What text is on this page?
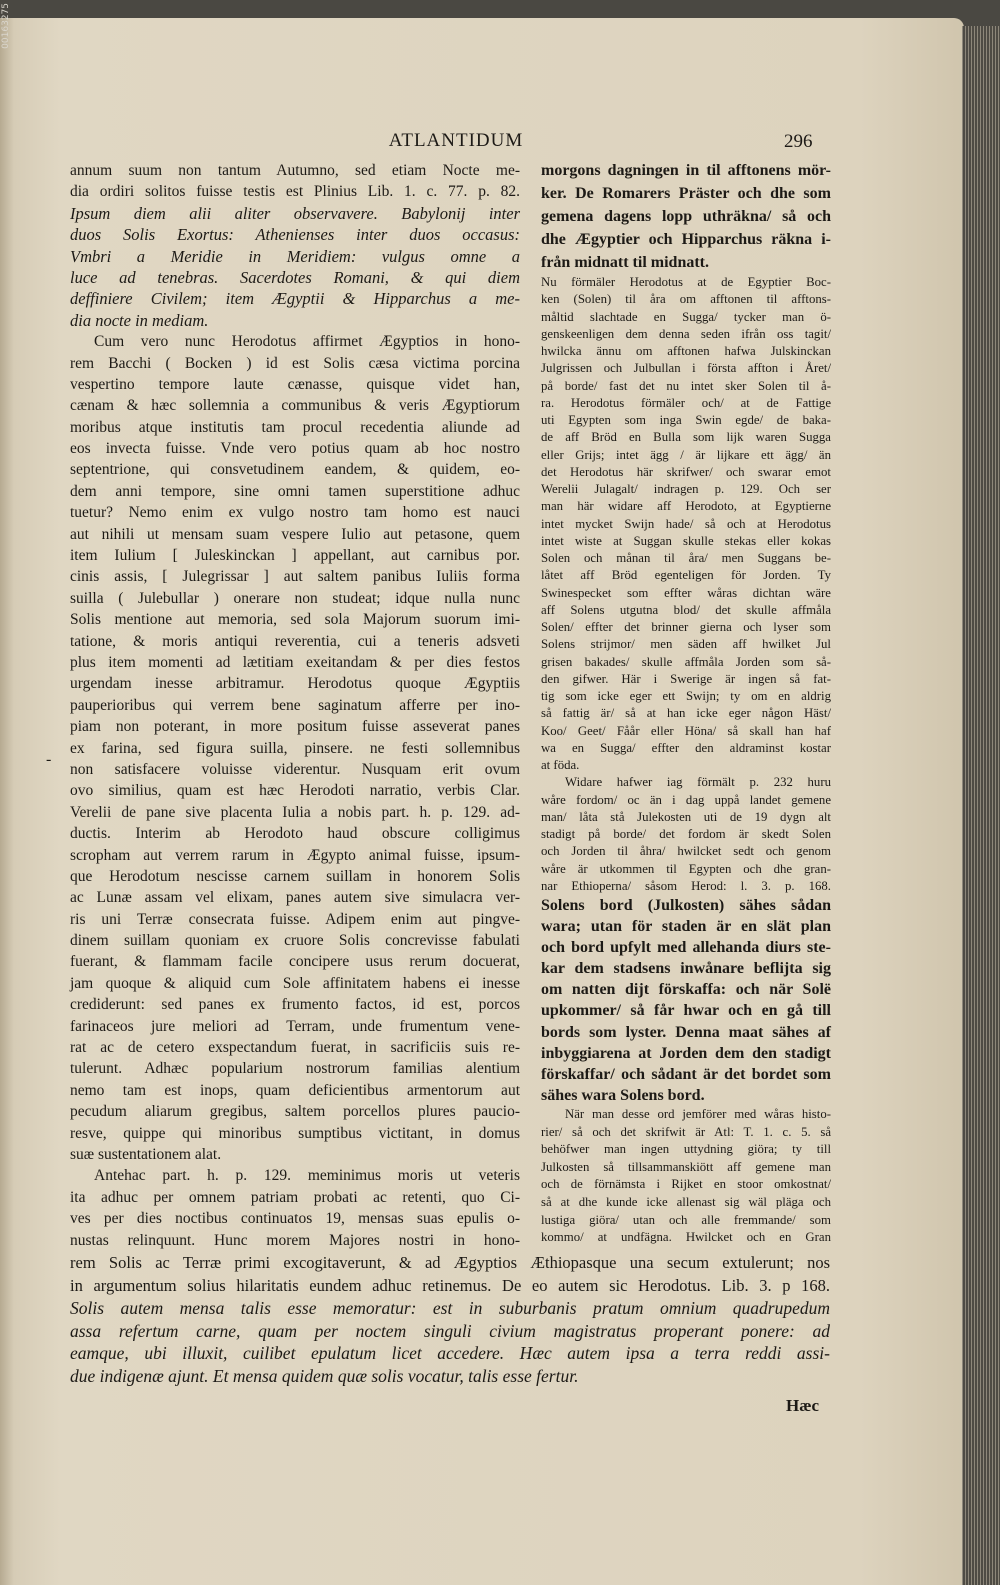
00163275
ATLANTIDUM	296
-
annum suum non tantum Autumno, sed etiam Nocte me-
dia ordiri solitos fuisse testis est Plinius Lib. 1. c. 77. p. 82.
Ipsum diem alii aliter observavere. Babylonij inter
duos Solis Exortus: Athenienses inter duos occasus:
Vmbri a Meridie in Meridiem: vulgus omne a
luce ad tenebras. Sacerdotes Romani, & qui diem
deffiniere Civilem; item Ægyptii & Hipparchus a me-
dia nocte in mediam.
Cum vero nunc Herodotus affirmet Ægyptios in hono-
rem Bacchi ( Bocken ) id est Solis cæsa victima porcina
vespertino tempore laute cænasse, quisque videt han,
cænam & hæc sollemnia a communibus & veris Ægyptiorum
moribus atque institutis tam procul recedentia aliunde ad
eos invecta fuisse. Vnde vero potius quam ab hoc nostro
septentrione, qui consvetudinem eandem, & quidem, eo-
dem anni tempore, sine omni tamen superstitione adhuc
tuetur? Nemo enim ex vulgo nostro tam homo est nauci
aut nihili ut mensam suam vespere Iulio aut petasone, quem
item Iulium [ Juleskinckan ] appellant, aut carnibus por.
cinis assis, [ Julegrissar ] aut saltem panibus Iuliis forma
suilla ( Julebullar ) onerare non studeat; idque nulla nunc
Solis mentione aut memoria, sed sola Majorum suorum imi-
tatione, & moris antiqui reverentia, cui a teneris adsveti
plus item momenti ad lætitiam exeitandam & per dies festos
urgendam inesse arbitramur. Herodotus quoque Ægyptiis
pauperioribus qui verrem bene saginatum afferre per ino-
piam non poterant, in more positum fuisse asseverat panes
ex farina, sed figura suilla, pinsere. ne festi sollemnibus
non satisfacere voluisse viderentur. Nusquam erit ovum
ovo similius, quam est hæc Herodoti narratio, verbis Clar.
Verelii de pane sive placenta Iulia a nobis part. h. p. 129. ad-
ductis. Interim ab Herodoto haud obscure colligimus
scropham aut verrem rarum in Ægypto animal fuisse, ipsum-
que Herodotum nescisse carnem suillam in honorem Solis
ac Lunæ assam vel elixam, panes autem sive simulacra ver-
ris uni Terræ consecrata fuisse. Adipem enim aut pingve-
dinem suillam quoniam ex cruore Solis concrevisse fabulati
fuerant, & flammam facile concipere usus rerum docuerat,
jam quoque & aliquid cum Sole affinitatem habens ei inesse
crediderunt: sed panes ex frumento factos, id est, porcos
farinaceos jure meliori ad Terram, unde frumentum vene-
rat ac de cetero exspectandum fuerat, in sacrificiis suis re-
tulerunt. Adhæc popularium nostrorum familias alentium
nemo tam est inops, quam deficientibus armentorum aut
pecudum aliarum gregibus, saltem porcellos plures paucio-
resve, quippe qui minoribus sumptibus victitant, in domus
suæ sustentationem alat.
Antehac part. h. p. 129. meminimus moris ut veteris
ita adhuc per omnem patriam probati ac retenti, quo Ci-
ves per dies noctibus continuatos 19, mensas suas epulis o-
nustas relinquunt. Hunc morem Majores nostri in hono-
rem Solis ac Terræ primi excogitaverunt, & ad Ægyptios Æthiopasque una secum extulerunt; nos
in argumentum solius hilaritatis eundem adhuc retinemus. De eo autem sic Herodotus. Lib. 3. p 168.
Solis autem mensa talis esse memoratur: est in suburbanis pratum omnium quadrupedum
assa refertum carne, quam per noctem singuli civium magistratus properant ponere: ad
eamque, ubi illuxit, cuilibet epulatum licet accedere. Hæc autem ipsa a terra reddi assi-
due indigenæ ajunt. Et mensa quidem quæ solis vocatur, talis esse fertur.
morgons dagningen in til afftonens mör-
ker. De Romarers Präster och dhe som
gemena dagens lopp uthräkna/ så och
dhe Ægyptier och Hipparchus räkna i-
från midnatt til midnatt.
Nu förmäler Herodotus at de Egyptier Boc-
ken (Solen) til åra om afftonen til afftons-
måltid slachtade en Sugga/ tycker man ö-
genskeenligen dem denna seden ifrån oss tagit/
hwilcka ännu om afftonen hafwa Julskinckan
Julgrissen och Julbullan i första affton i Året/
på borde/ fast det nu intet sker Solen til å-
ra. Herodotus förmäler och/ at de Fattige
uti Egypten som inga Swin egde/ de baka-
de aff Bröd en Bulla som lijk waren Sugga
eller Grijs; intet ägg / är lijkare ett ägg/ än
det Herodotus här skrifwer/ och swarar emot
Werelii Julagalt/ indragen p. 129. Och ser
man här widare aff Herodoto, at Egyptierne
intet mycket Swijn hade/ så och at Herodotus
intet wiste at Suggan skulle stekas eller kokas
Solen och månan til åra/ men Suggans be-
låtet aff Bröd egenteligen för Jorden. Ty
Swinespecket som effter wåras dichtan wäre
aff Solens utgutna blod/ det skulle affmåla
Solen/ effter det brinner gierna och lyser som
Solens strijmor/ men säden aff hwilket Jul
grisen bakades/ skulle affmåla Jorden som så-
den gifwer. Här i Swerige är ingen så fat-
tig som icke eger ett Swijn; ty om en aldrig
så fattig är/ så at han icke eger någon Häst/
Koo/ Geet/ Fåår eller Höna/ så skall han haf
wa en Sugga/ effter den aldraminst kostar
at föda.
Widare hafwer iag förmält p. 232 huru
wåre fordom/ oc än i dag uppå landet gemene
man/ låta stå Julekosten uti de 19 dygn alt
stadigt på borde/ det fordom är skedt Solen
och Jorden til åhra/ hwilcket sedt och genom
wåre är utkommen til Egypten och dhe gran-
nar Ethioperna/ såsom Herod: l. 3. p. 168.
Solens bord (Julkosten) sähes sådan
wara; utan för staden är en slät plan
och bord upfylt med allehanda diurs ste-
kar dem stadsens inwånare beflijta sig
om natten dijt förskaffa: och när Solë
upkommer/ så får hwar och en gå till
bords som lyster. Denna maat sähes af
inbyggiarena at Jorden dem den stadigt
förskaffar/ och sådant är det bordet som
sähes wara Solens bord.
När man desse ord jemförer med wåras histo-
rier/ så och det skrifwit är Atl: T. 1. c. 5. så
behöfwer man ingen uttydning giöra; ty till
Julkosten så tillsammanskiött aff gemene man
och de förnämsta i Rijket en stoor omkostnat/
så at dhe kunde icke allenast sig wäl pläga och
lustiga giöra/ utan och alle fremmande/ som
kommo/ at undfägna. Hwilcket och en Gran
Hæc
